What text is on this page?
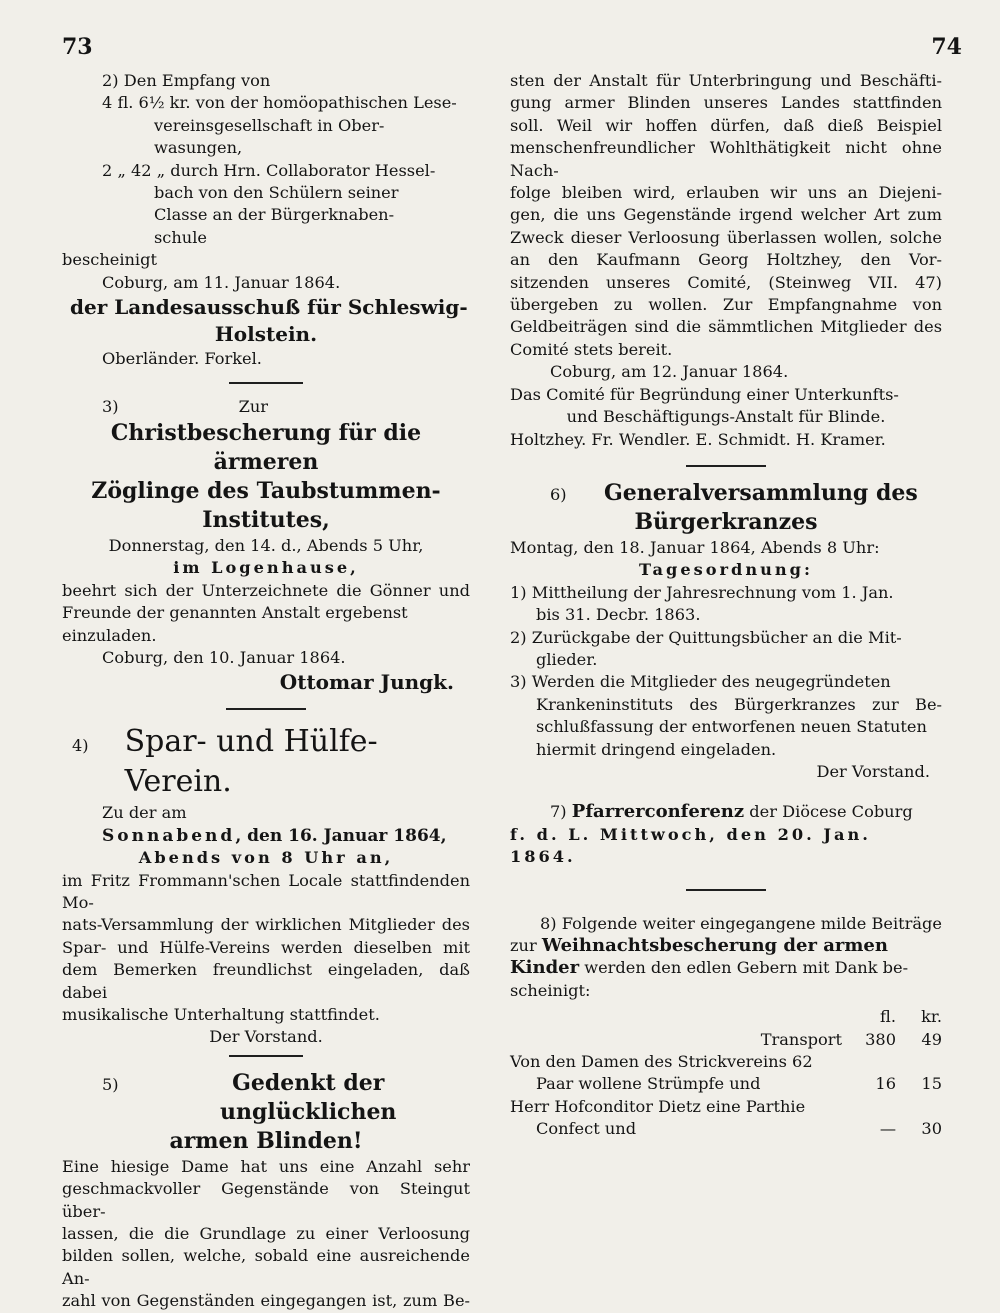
73	74
2) Den Empfang von
4 fl. 6½ kr. von der homöopathischen Lese-
vereinsgesellschaft in Ober-
wasungen,
2 „ 42 „ durch Hrn. Collaborator Hessel-
bach von den Schülern seiner
Classe an der Bürgerknaben-
schule
bescheinigt
Coburg, am 11. Januar 1864.
der Landesausschuß für Schleswig-
Holstein.
Oberländer. Forkel.
3)	Zur
Christbescherung für die ärmeren
Zöglinge des Taubstummen-
Institutes,
Donnerstag, den 14. d., Abends 5 Uhr,
im Logenhause,
beehrt sich der Unterzeichnete die Gönner und
Freunde der genannten Anstalt ergebenst einzuladen.
Coburg, den 10. Januar 1864.
Ottomar Jungk.
4)	Spar- und Hülfe-Verein.
Zu der am
Sonnabend, den 16. Januar 1864,
Abends von 8 Uhr an,
im Fritz Frommann'schen Locale stattfindenden Mo-
nats-Versammlung der wirklichen Mitglieder des
Spar- und Hülfe-Vereins werden dieselben mit
dem Bemerken freundlichst eingeladen, daß dabei
musikalische Unterhaltung stattfindet.
Der Vorstand.
5)	Gedenkt der unglücklichen
armen Blinden!
Eine hiesige Dame hat uns eine Anzahl sehr
geschmackvoller Gegenstände von Steingut über-
lassen, die die Grundlage zu einer Verloosung
bilden sollen, welche, sobald eine ausreichende An-
zahl von Gegenständen eingegangen ist, zum Be-
sten der Anstalt für Unterbringung und Beschäfti-
gung armer Blinden unseres Landes stattfinden
soll. Weil wir hoffen dürfen, daß dieß Beispiel
menschenfreundlicher Wohlthätigkeit nicht ohne Nach-
folge bleiben wird, erlauben wir uns an Diejeni-
gen, die uns Gegenstände irgend welcher Art zum
Zweck dieser Verloosung überlassen wollen, solche
an den Kaufmann Georg Holtzhey, den Vor-
sitzenden unseres Comité, (Steinweg VII. 47)
übergeben zu wollen. Zur Empfangnahme von
Geldbeiträgen sind die sämmtlichen Mitglieder des
Comité stets bereit.
Coburg, am 12. Januar 1864.
Das Comité für Begründung einer Unterkunfts-
und Beschäftigungs-Anstalt für Blinde.
Holtzhey. Fr. Wendler. E. Schmidt. H. Kramer.
6)	Generalversammlung des
Bürgerkranzes
Montag, den 18. Januar 1864, Abends 8 Uhr:
Tagesordnung:
1) Mittheilung der Jahresrechnung vom 1. Jan.
bis 31. Decbr. 1863.
2) Zurückgabe der Quittungsbücher an die Mit-
glieder.
3) Werden die Mitglieder des neugegründeten
Krankeninstituts des Bürgerkranzes zur Be-
schlußfassung der entworfenen neuen Statuten
hiermit dringend eingeladen.
Der Vorstand.
7) Pfarrerconferenz der Diöcese Coburg
f. d. L. Mittwoch, den 20. Jan. 1864.
8) Folgende weiter eingegangene milde Beiträge
zur Weihnachtsbescherung der armen
Kinder werden den edlen Gebern mit Dank be-
scheinigt:
fl.	kr.
Transport	380	49
Von den Damen des Strickvereins 62
Paar wollene Strümpfe und	16	15
Herr Hofconditor Dietz eine Parthie
Confect und	—	30
